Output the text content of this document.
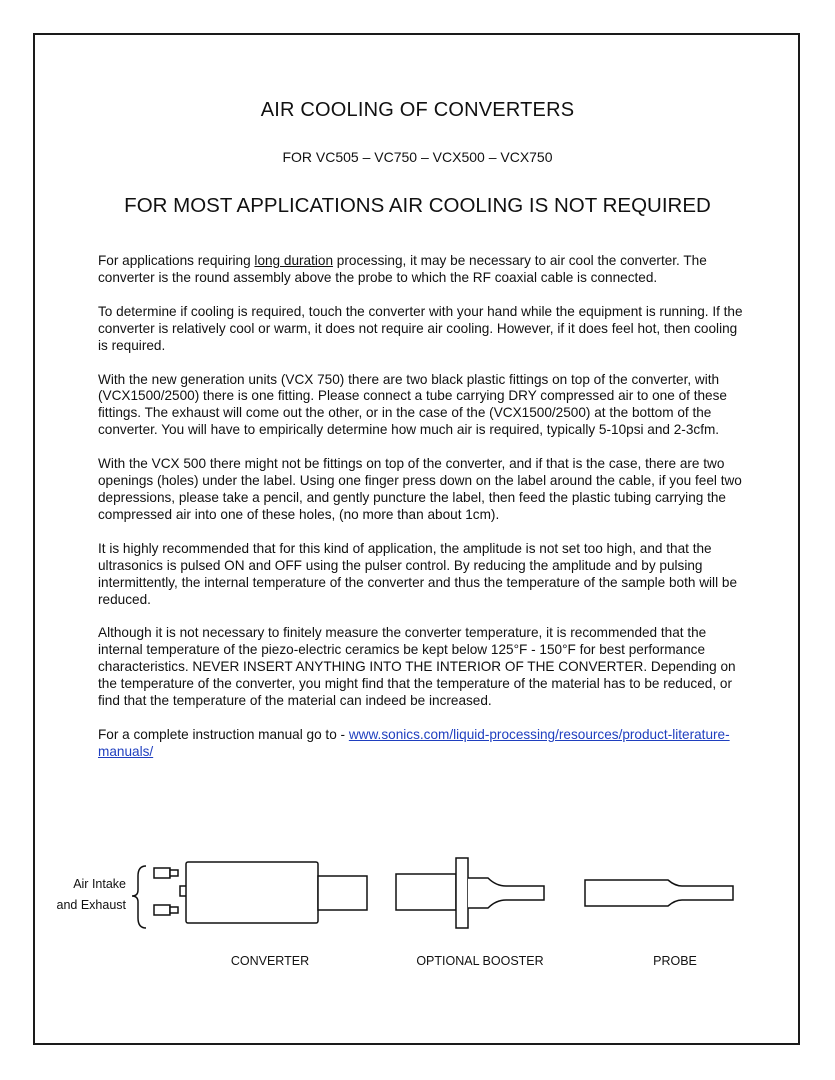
AIR COOLING OF CONVERTERS
FOR VC505 – VC750 – VCX500 – VCX750
FOR MOST APPLICATIONS AIR COOLING IS NOT REQUIRED

For applications requiring long duration processing, it may be necessary to air cool the converter. The converter is the round assembly above the probe to which the RF coaxial cable is connected.

To determine if cooling is required, touch the converter with your hand while the equipment is running. If the converter is relatively cool or warm, it does not require air cooling. However, if it does feel hot, then cooling is required.

With the new generation units (VCX 750) there are two black plastic fittings on top of the converter, with (VCX1500/2500) there is one fitting. Please connect a tube carrying DRY compressed air to one of these fittings. The exhaust will come out the other, or in the case of the (VCX1500/2500) at the bottom of the converter. You will have to empirically determine how much air is required, typically 5-10psi and 2-3cfm.

With the VCX 500 there might not be fittings on top of the converter, and if that is the case, there are two openings (holes) under the label. Using one finger press down on the label around the cable, if you feel two depressions, please take a pencil, and gently puncture the label, then feed the plastic tubing carrying the compressed air into one of these holes, (no more than about 1cm).

It is highly recommended that for this kind of application, the amplitude is not set too high, and that the ultrasonics is pulsed ON and OFF using the pulser control. By reducing the amplitude and by pulsing intermittently, the internal temperature of the converter and thus the temperature of the sample both will be reduced.

Although it is not necessary to finitely measure the converter temperature, it is recommended that the internal temperature of the piezo-electric ceramics be kept below 125°F - 150°F for best performance characteristics. NEVER INSERT ANYTHING INTO THE INTERIOR OF THE CONVERTER. Depending on the temperature of the converter, you might find that the temperature of the material has to be reduced, or find that the temperature of the material can indeed be increased.

For a complete instruction manual go to - www.sonics.com/liquid-processing/resources/product-literature-manuals/

Air Intake
and Exhaust
CONVERTER	OPTIONAL BOOSTER	PROBE
